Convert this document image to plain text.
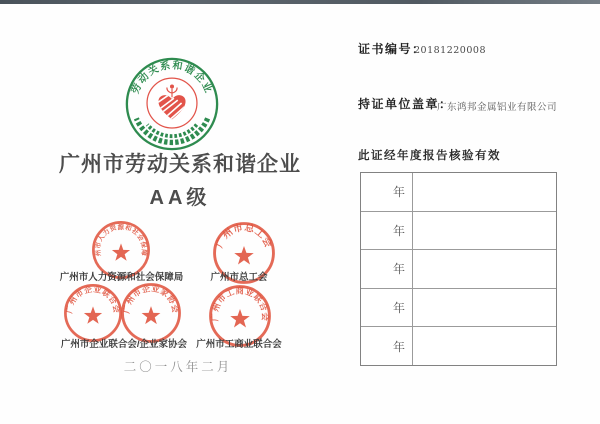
劳动关系和谐企业
广州市劳动关系和谐企业
AA级
州市人力资源和社会保障
广州市总工会
广州市企业联合会 广州市企业家协会
广州市工商业联合会
广州市人力资源和社会保障局	广州市总工会
广州市企业联合会/企业家协会 广州市工商业联合会
二〇一八年二月
证书编号：
20181220008
持证单位盖章：
广东鸿邦金属铝业有限公司
此证经年度报告核验有效
年
年
年
年
年
